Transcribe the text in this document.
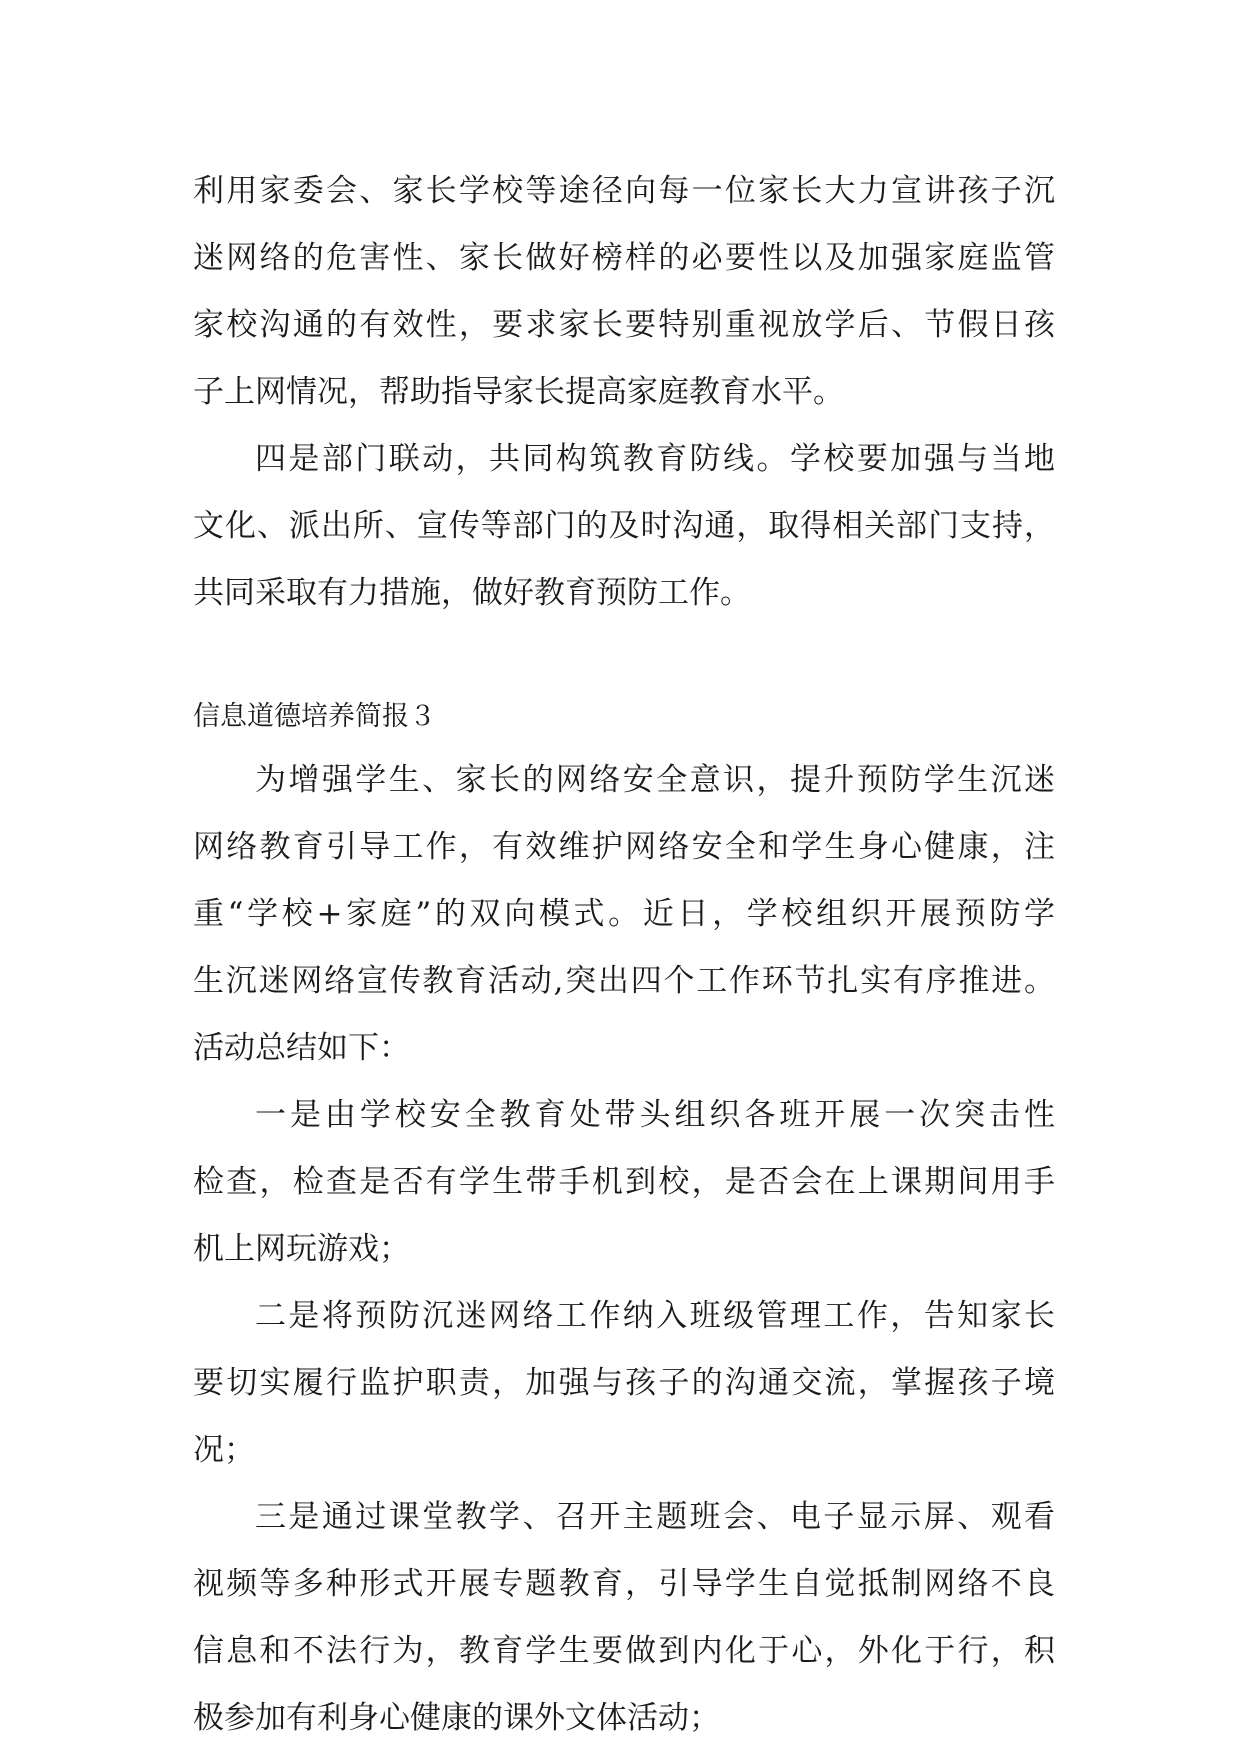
利用家委会、家长学校等途径向每一位家长大力宣讲孩子沉
迷网络的危害性、家长做好榜样的必要性以及加强家庭监管
家校沟通的有效性，要求家长要特别重视放学后、节假日孩
子上网情况，帮助指导家长提高家庭教育水平。
四是部门联动，共同构筑教育防线。学校要加强与当地
文化、派出所、宣传等部门的及时沟通，取得相关部门支持，
共同采取有力措施，做好教育预防工作。
信息道德培养简报３
为增强学生、家长的网络安全意识，提升预防学生沉迷
网络教育引导工作，有效维护网络安全和学生身心健康，注
重“学校+家庭”的双向模式。近日，学校组织开展预防学
生沉迷网络宣传教育活动,突出四个工作环节扎实有序推进。
活动总结如下：
一是由学校安全教育处带头组织各班开展一次突击性
检查，检查是否有学生带手机到校，是否会在上课期间用手
机上网玩游戏；
二是将预防沉迷网络工作纳入班级管理工作，告知家长
要切实履行监护职责，加强与孩子的沟通交流，掌握孩子境
况；
三是通过课堂教学、召开主题班会、电子显示屏、观看
视频等多种形式开展专题教育，引导学生自觉抵制网络不良
信息和不法行为，教育学生要做到内化于心，外化于行，积
极参加有利身心健康的课外文体活动；
